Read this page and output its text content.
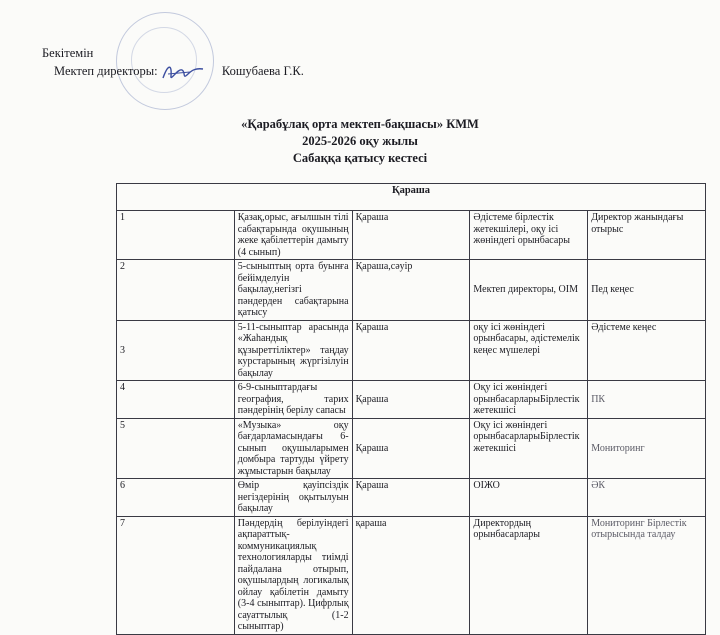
Бекітемін
Мектеп директоры:	Кошубаева Г.К.
«Қарабұлақ орта мектеп-бақшасы» КММ
2025-2026 оқу жылы
Сабаққа қатысу кестесі
Қараша				
1	Қазақ,орыс, ағылшын тілі сабақтарында оқушының жеке қабілеттерін дамыту (4 сынып)	Қараша	Әдістеме бірлестік жетекшілері, оқу ісі жөніндегі орынбасары	Директор жанындағы отырыс
2	5-сыныптың орта буынға бейімделуін бақылау,негізгі пәндерден сабақтарына қатысу	Қараша,сәуір	Мектеп директоры, ОІМ	Пед кеңес
3	5-11-сыныптар арасында «Жаһандық құзыреттіліктер» таңдау курстарының жүргізілуін бақылау	Қараша	оқу ісі жөніндегі орынбасары, әдістемелік кеңес мүшелері	Әдістеме кеңес
4	6-9-сыныптардағы география, тарих пәндерінің берілу сапасы	Қараша	Оқу ісі жөніндегі орынбасарларыБірлестік жетекшісі	ПК
5	«Музыка» оқу бағдарламасындағы 6-сынып оқушыларымен домбыра тартуды үйрету жұмыстарын бақылау	Қараша	Оқу ісі жөніндегі орынбасарларыБірлестік жетекшісі	Мониторинг
6	Өмір қауіпсіздік негіздерінің оқытылуын бақылау	Қараша	ОІЖО	ӘК
7	Пәндердің берілуіндегі ақпараттық-коммуникациялық технологияларды тиімді пайдалана отырып, оқушылардың логикалық ойлау қабілетін дамыту (3-4 сыныптар). Цифрлық сауаттылық (1-2 сыныптар)	қараша	Директордың орынбасарлары	Мониторинг Бірлестік отырысында талдау
